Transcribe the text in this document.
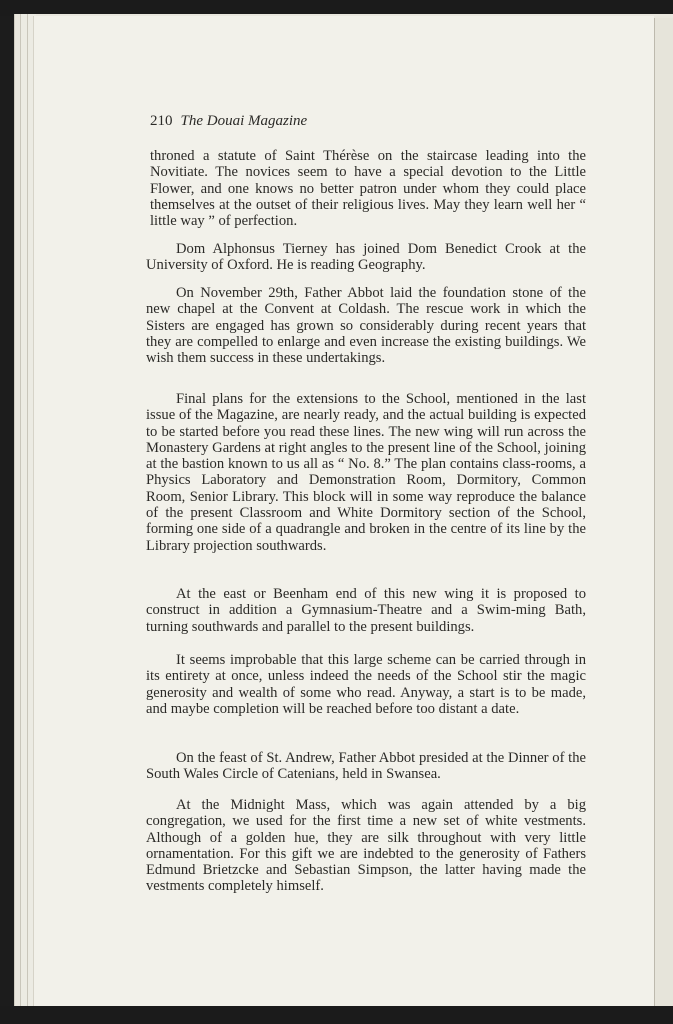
210 The Douai Magazine

throned a statute of Saint Thérèse on the staircase leading into the Novitiate. The novices seem to have a special devotion to the Little Flower, and one knows no better patron under whom they could place themselves at the outset of their religious lives. May they learn well her “ little way ” of perfection.

Dom Alphonsus Tierney has joined Dom Benedict Crook at the University of Oxford. He is reading Geography.

On November 29th, Father Abbot laid the foundation stone of the new chapel at the Convent at Coldash. The rescue work in which the Sisters are engaged has grown so considerably during recent years that they are compelled to enlarge and even increase the existing buildings. We wish them success in these undertakings.

Final plans for the extensions to the School, mentioned in the last issue of the Magazine, are nearly ready, and the actual building is expected to be started before you read these lines. The new wing will run across the Monastery Gardens at right angles to the present line of the School, joining at the bastion known to us all as “ No. 8.” The plan contains class-rooms, a Physics Laboratory and Demonstration Room, Dormitory, Common Room, Senior Library. This block will in some way reproduce the balance of the present Classroom and White Dormitory section of the School, forming one side of a quadrangle and broken in the centre of its line by the Library projection southwards.

At the east or Beenham end of this new wing it is proposed to construct in addition a Gymnasium-Theatre and a Swim-ming Bath, turning southwards and parallel to the present buildings.

It seems improbable that this large scheme can be carried through in its entirety at once, unless indeed the needs of the School stir the magic generosity and wealth of some who read. Anyway, a start is to be made, and maybe completion will be reached before too distant a date.

On the feast of St. Andrew, Father Abbot presided at the Dinner of the South Wales Circle of Catenians, held in Swansea.

At the Midnight Mass, which was again attended by a big congregation, we used for the first time a new set of white vestments. Although of a golden hue, they are silk throughout with very little ornamentation. For this gift we are indebted to the generosity of Fathers Edmund Brietzcke and Sebastian Simpson, the latter having made the vestments completely himself.
